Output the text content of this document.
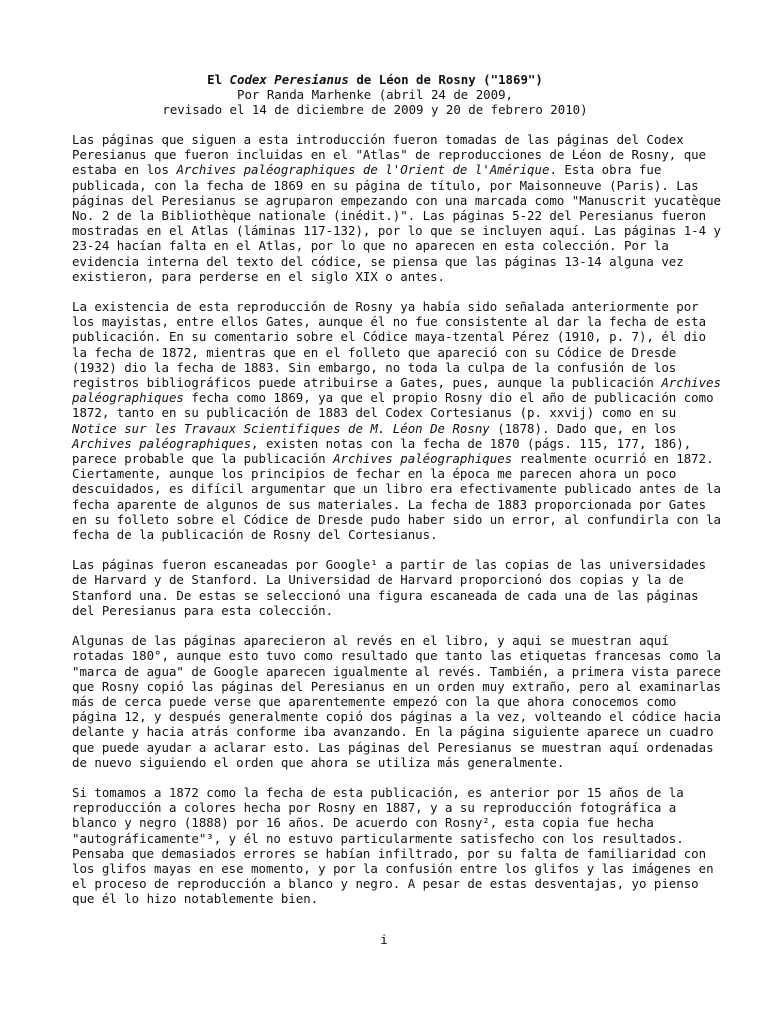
El Codex Peresianus de Léon de Rosny ("1869")
Por Randa Marhenke (abril 24 de 2009,
revisado el 14 de diciembre de 2009 y 20 de febrero 2010)

Las páginas que siguen a esta introducción fueron tomadas de las páginas del Codex Peresianus que fueron incluidas en el "Atlas" de reproducciones de Léon de Rosny, que estaba en los Archives paléographiques de l'Orient de l'Amérique. Esta obra fue publicada, con la fecha de 1869 en su página de título, por Maisonneuve (Paris). Las páginas del Peresianus se agruparon empezando con una marcada como "Manuscrit yucatèque No. 2 de la Bibliothèque nationale (inédit.)". Las páginas 5-22 del Peresianus fueron mostradas en el Atlas (láminas 117-132), por lo que se incluyen aquí. Las páginas 1-4 y 23-24 hacían falta en el Atlas, por lo que no aparecen en esta colección. Por la evidencia interna del texto del códice, se piensa que las páginas 13-14 alguna vez existieron, para perderse en el siglo XIX o antes.

La existencia de esta reproducción de Rosny ya había sido señalada anteriormente por los mayistas, entre ellos Gates, aunque él no fue consistente al dar la fecha de esta publicación. En su comentario sobre el Códice maya-tzental Pérez (1910, p. 7), él dio la fecha de 1872, mientras que en el folleto que apareció con su Códice de Dresde (1932) dio la fecha de 1883. Sin embargo, no toda la culpa de la confusión de los registros bibliográficos puede atribuirse a Gates, pues, aunque la publicación Archives paléographiques fecha como 1869, ya que el propio Rosny dio el año de publicación como 1872, tanto en su publicación de 1883 del Codex Cortesianus (p. xxvij) como en su Notice sur les Travaux Scientifiques de M. Léon De Rosny (1878). Dado que, en los Archives paléographiques, existen notas con la fecha de 1870 (págs. 115, 177, 186), parece probable que la publicación Archives paléographiques realmente ocurrió en 1872. Ciertamente, aunque los principios de fechar en la época me parecen ahora un poco descuidados, es difícil argumentar que un libro era efectivamente publicado antes de la fecha aparente de algunos de sus materiales. La fecha de 1883 proporcionada por Gates en su folleto sobre el Códice de Dresde pudo haber sido un error, al confundirla con la fecha de la publicación de Rosny del Cortesianus.

Las páginas fueron escaneadas por Google¹ a partir de las copias de las universidades de Harvard y de Stanford. La Universidad de Harvard proporcionó dos copias y la de Stanford una. De estas se seleccionó una figura escaneada de cada una de las páginas del Peresianus para esta colección.

Algunas de las páginas aparecieron al revés en el libro, y aqui se muestran aquí rotadas 180°, aunque esto tuvo como resultado que tanto las etiquetas francesas como la "marca de agua" de Google aparecen igualmente al revés. También, a primera vista parece que Rosny copió las páginas del Peresianus en un orden muy extraño, pero al examinarlas más de cerca puede verse que aparentemente empezó con la que ahora conocemos como página 12, y después generalmente copió dos páginas a la vez, volteando el códice hacia delante y hacia atrás conforme iba avanzando. En la página siguiente aparece un cuadro que puede ayudar a aclarar esto. Las páginas del Peresianus se muestran aquí ordenadas de nuevo siguiendo el orden que ahora se utiliza más generalmente.

Si tomamos a 1872 como la fecha de esta publicación, es anterior por 15 años de la reproducción a colores hecha por Rosny en 1887, y a su reproducción fotográfica a blanco y negro (1888) por 16 años. De acuerdo con Rosny², esta copia fue hecha "autográficamente"³, y él no estuvo particularmente satisfecho con los resultados. Pensaba que demasiados errores se habían infiltrado, por su falta de familiaridad con los glifos mayas en ese momento, y por la confusión entre los glifos y las imágenes en el proceso de reproducción a blanco y negro. A pesar de estas desventajas, yo pienso que él lo hizo notablemente bien.

i
